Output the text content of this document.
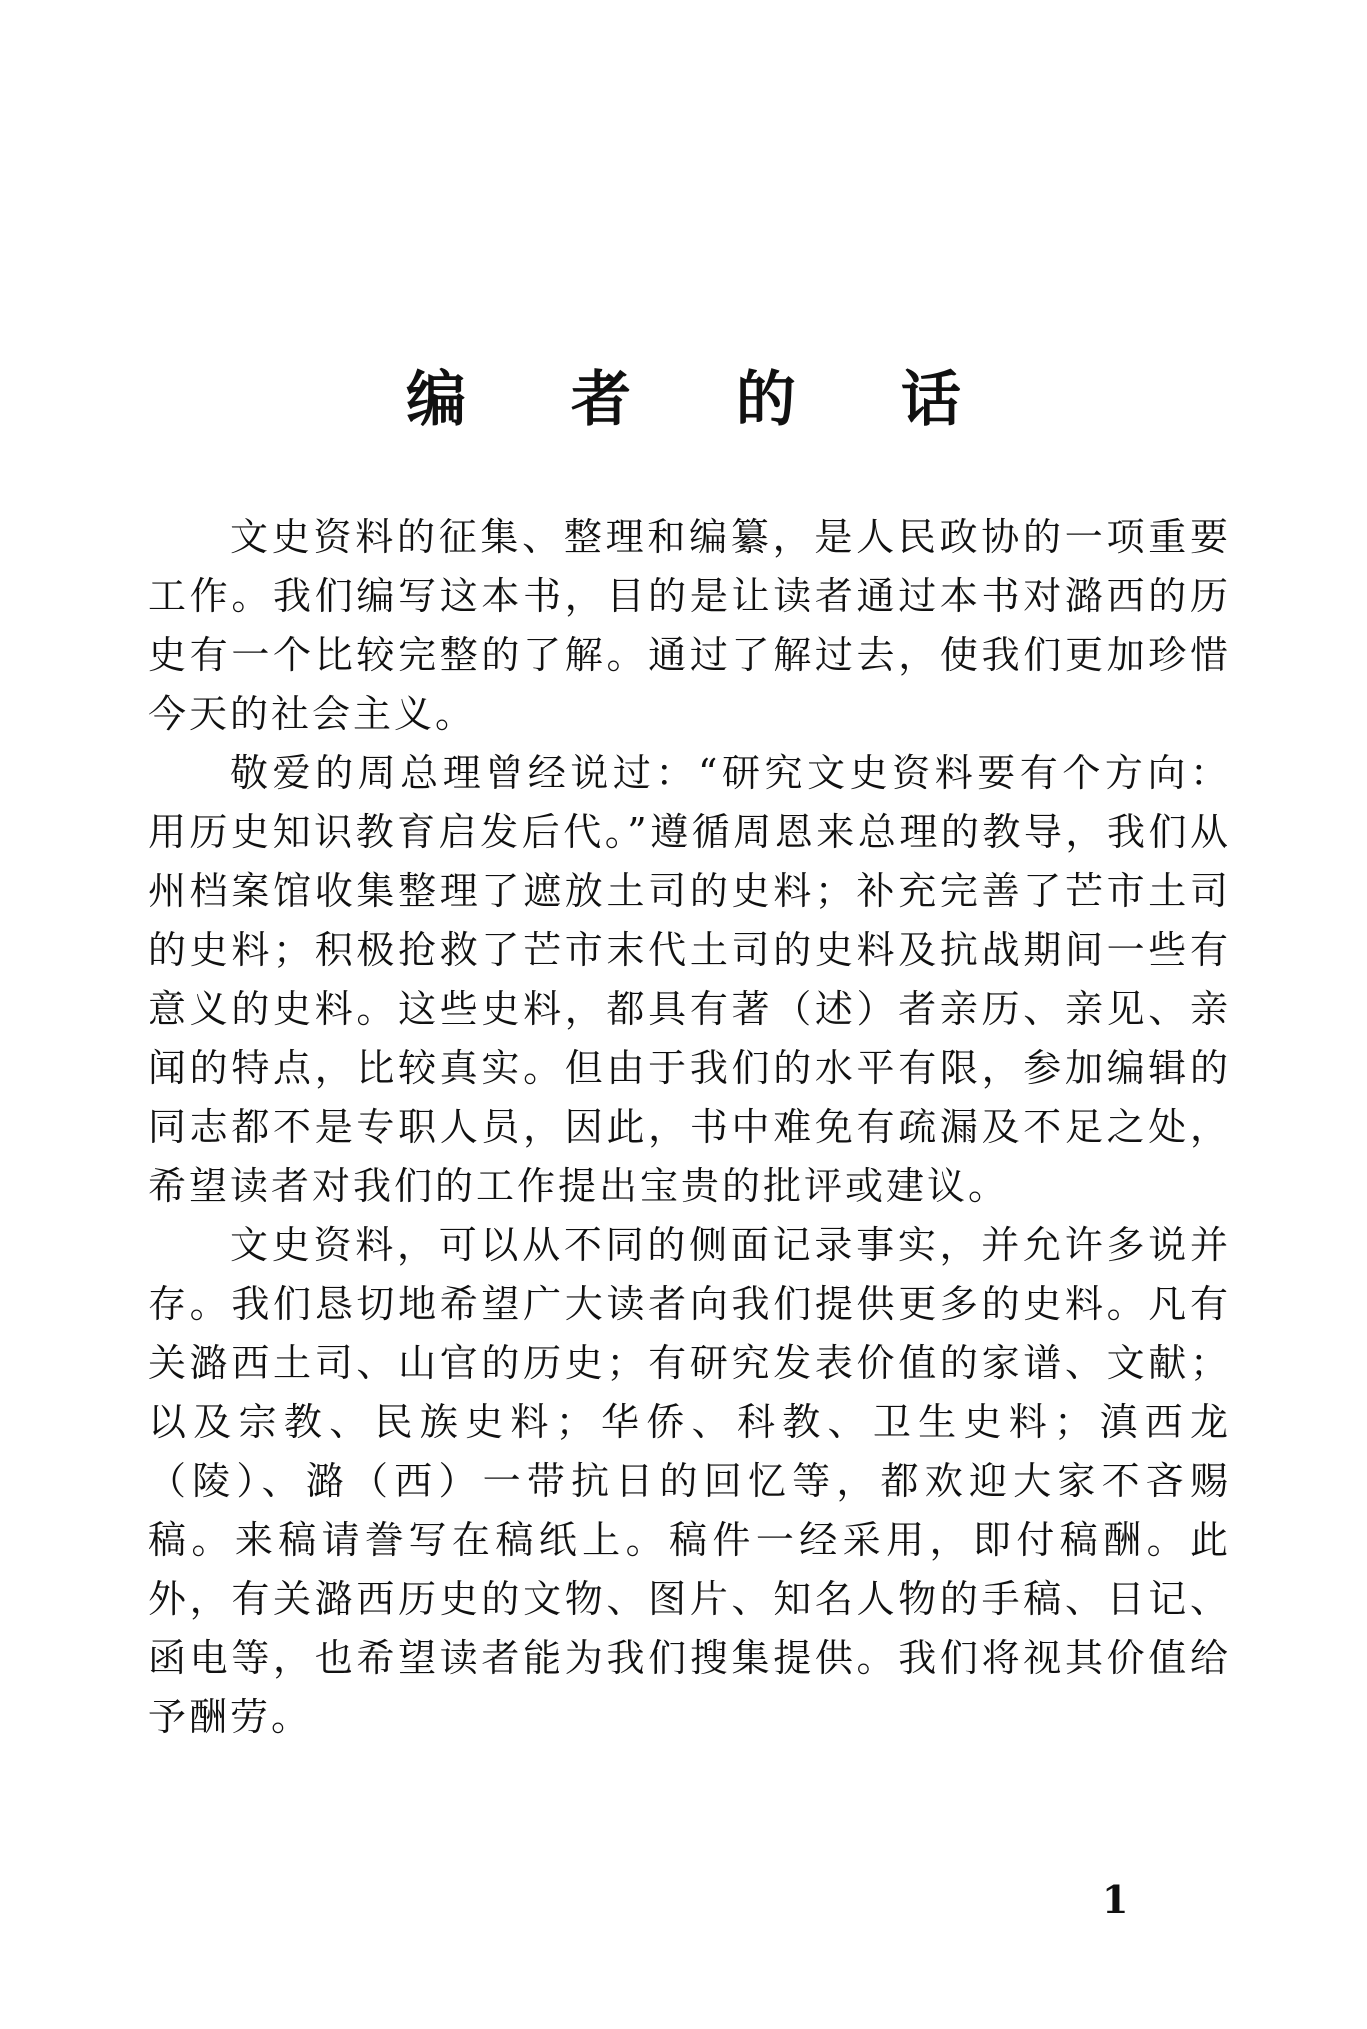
编 者 的 话

文史资料的征集、整理和编纂，是人民政协的一项重要工作。我们编写这本书，目的是让读者通过本书对潞西的历史有一个比较完整的了解。通过了解过去，使我们更加珍惜今天的社会主义。

敬爱的周总理曾经说过：“研究文史资料要有个方向：用历史知识教育启发后代。”遵循周恩来总理的教导，我们从州档案馆收集整理了遮放土司的史料；补充完善了芒市土司的史料；积极抢救了芒市末代土司的史料及抗战期间一些有意义的史料。这些史料，都具有著（述）者亲历、亲见、亲闻的特点，比较真实。但由于我们的水平有限，参加编辑的同志都不是专职人员，因此，书中难免有疏漏及不足之处，希望读者对我们的工作提出宝贵的批评或建议。

文史资料，可以从不同的侧面记录事实，并允许多说并存。我们恳切地希望广大读者向我们提供更多的史料。凡有关潞西土司、山官的历史；有研究发表价值的家谱、文献；以及宗教、民族史料；华侨、科教、卫生史料；滇西龙（陵）、潞（西）一带抗日的回忆等，都欢迎大家不吝赐稿。来稿请誊写在稿纸上。稿件一经采用，即付稿酬。此外，有关潞西历史的文物、图片、知名人物的手稿、日记、函电等，也希望读者能为我们搜集提供。我们将视其价值给予酬劳。

1
